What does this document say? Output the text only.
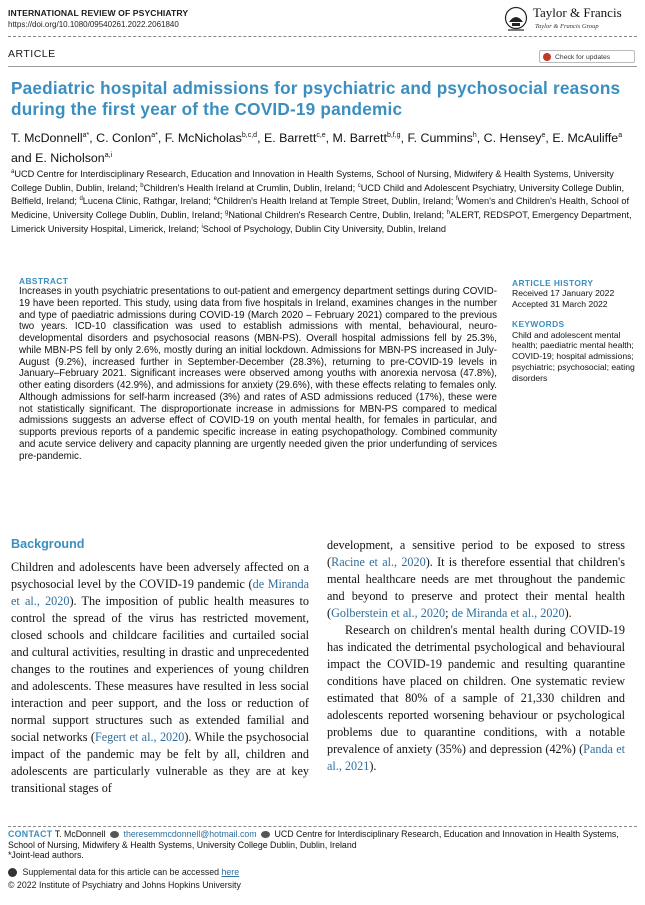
INTERNATIONAL REVIEW OF PSYCHIATRY
https://doi.org/10.1080/09540261.2022.2061840
Taylor & Francis
Taylor & Francis Group
ARTICLE	Check for updates
Paediatric hospital admissions for psychiatric and psychosocial reasons during the first year of the COVID-19 pandemic
T. McDonnell$^{a*}$, C. Conlon$^{a*}$, F. McNicholas$^{b,c,d}$, E. Barrett$^{c,e}$, M. Barrett$^{b,f,g}$, F. Cummins$^h$, C. Hensey$^e$, E. McAuliffe$^a$ and E. Nicholson$^{a,i}$
$^a$UCD Centre for Interdisciplinary Research, Education and Innovation in Health Systems, School of Nursing, Midwifery & Health Systems, University College Dublin, Dublin, Ireland; $^b$Children's Health Ireland at Crumlin, Dublin, Ireland; $^c$UCD Child and Adolescent Psychiatry, University College Dublin, Belfield, Ireland; $^d$Lucena Clinic, Rathgar, Ireland; $^e$Children's Health Ireland at Temple Street, Dublin, Ireland; $^f$Women's and Children's Health, School of Medicine, University College Dublin, Dublin, Ireland; $^g$National Children's Research Centre, Dublin, Ireland; $^h$ALERT, REDSPOT, Emergency Department, Limerick University Hospital, Limerick, Ireland; $^i$School of Psychology, Dublin City University, Dublin, Ireland
ABSTRACT
Increases in youth psychiatric presentations to out-patient and emergency department settings during COVID-19 have been reported. This study, using data from five hospitals in Ireland, examines changes in the number and type of paediatric admissions during COVID-19 (March 2020 – February 2021) compared to the previous two years. ICD-10 classification was used to establish admissions with mental, behavioural, neuro-developmental disorders and psychosocial reasons (MBN-PS). Overall hospital admissions fell by 25.3%, while MBN-PS fell by only 2.6%, mostly during an initial lockdown. Admissions for MBN-PS increased in July-August (9.2%), increased further in September-December (28.3%), returning to pre-COVID-19 levels in January–February 2021. Significant increases were observed among youths with anorexia nervosa (47.8%), other eating disorders (42.9%), and admissions for anxiety (29.6%), with these effects relating to females only. Although admissions for self-harm increased (3%) and rates of ASD admissions reduced (17%), these were not statistically significant. The disproportionate increase in admissions for MBN-PS compared to medical admissions suggests an adverse effect of COVID-19 on youth mental health, for females in particular, and supports previous reports of a pandemic specific increase in eating psychopathology. Combined community and acute service delivery and capacity planning are urgently needed given the prior underfunding of services pre-pandemic.
ARTICLE HISTORY
Received 17 January 2022
Accepted 31 March 2022
KEYWORDS
Child and adolescent mental health; paediatric mental health; COVID-19; hospital admissions; psychiatric; psychosocial; eating disorders
Background

Children and adolescents have been adversely affected on a psychosocial level by the COVID-19 pandemic (de Miranda et al., 2020). The imposition of public health measures to control the spread of the virus has restricted movement, closed schools and childcare facilities and curtailed social and cultural activities, resulting in drastic and unprecedented changes to the routines and experiences of young children and adolescents. These measures have resulted in less social interaction and peer support, and the loss or reduction of normal support structures such as extended familial and social networks (Fegert et al., 2020). While the psychosocial impact of the pandemic may be felt by all, children and adolescents are particularly vulnerable as they are at key transitional stages of

development, a sensitive period to be exposed to stress (Racine et al., 2020). It is therefore essential that children's mental healthcare needs are met throughout the pandemic and beyond to preserve and protect their mental health (Golberstein et al., 2020; de Miranda et al., 2020).

Research on children's mental health during COVID-19 has indicated the detrimental psychological and behavioural impact the COVID-19 pandemic and resulting quarantine conditions have placed on children. One systematic review estimated that 80% of a sample of 21,330 children and adolescents reported worsening behaviour or psychological problems due to quarantine conditions, with a notable prevalence of anxiety (35%) and depression (42%) (Panda et al., 2021).

CONTACT T. McDonnell theresemmcdonnell@hotmail.com UCD Centre for Interdisciplinary Research, Education and Innovation in Health Systems, School of Nursing, Midwifery & Health Systems, University College Dublin, Dublin, Ireland
*Joint-lead authors.
Supplemental data for this article can be accessed here
© 2022 Institute of Psychiatry and Johns Hopkins University
